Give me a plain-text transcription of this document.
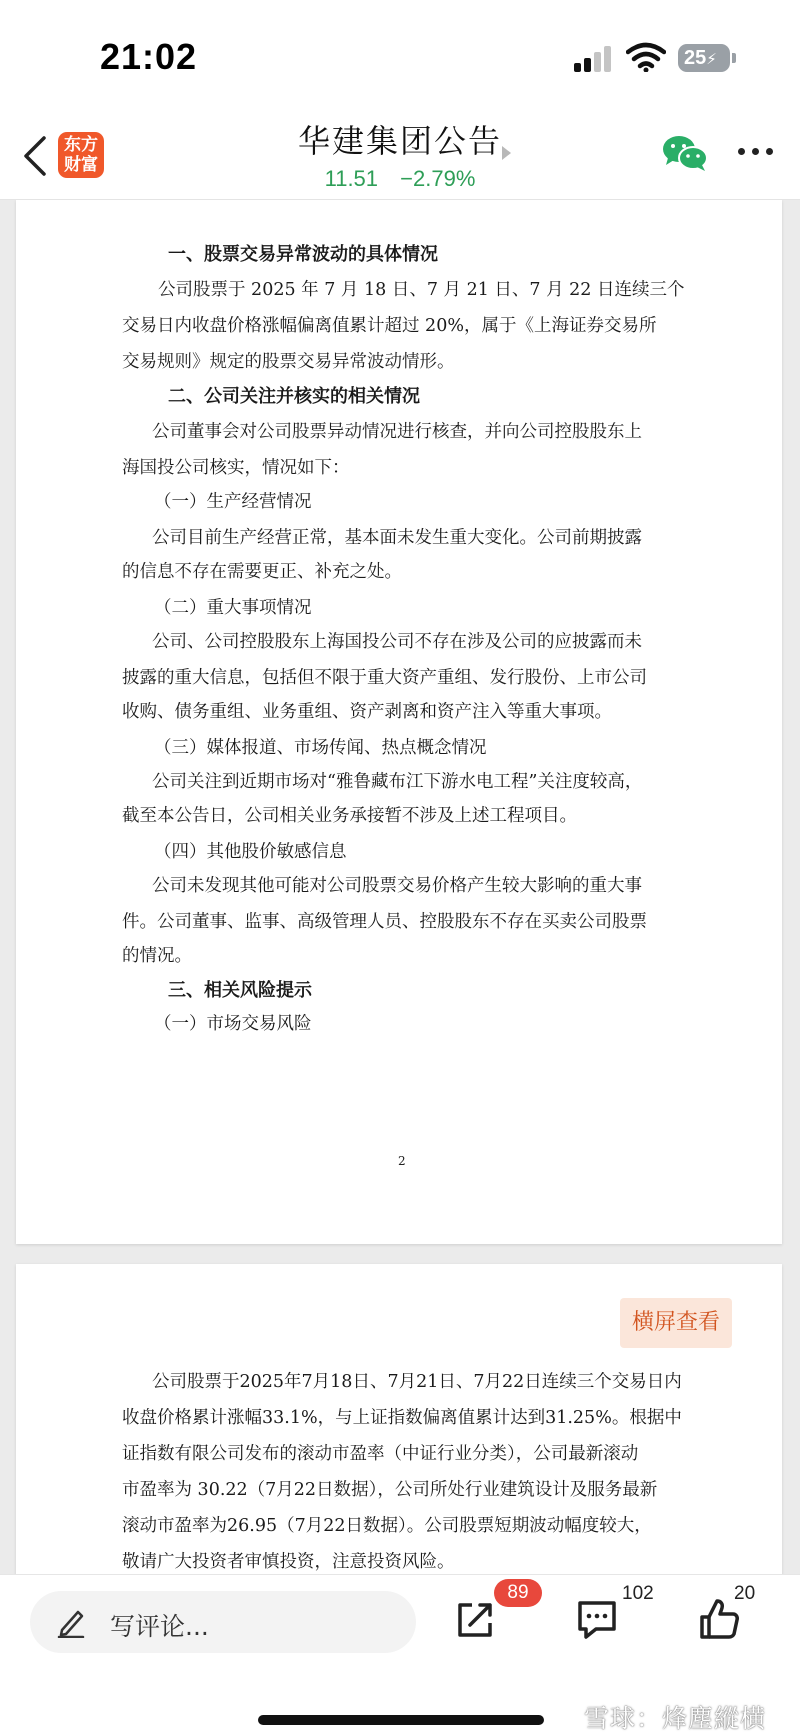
21:02	25⚡
东方
财富
华建集团公告
11.51 −2.79%
一、股票交易异常波动的具体情况
公司股票于 2025 年 7 月 18 日、7 月 21 日、7 月 22 日连续三个
交易日内收盘价格涨幅偏离值累计超过 20%，属于《上海证券交易所
交易规则》规定的股票交易异常波动情形。
二、公司关注并核实的相关情况
公司董事会对公司股票异动情况进行核查，并向公司控股股东上
海国投公司核实，情况如下：
（一）生产经营情况
公司目前生产经营正常，基本面未发生重大变化。公司前期披露
的信息不存在需要更正、补充之处。
（二）重大事项情况
公司、公司控股股东上海国投公司不存在涉及公司的应披露而未
披露的重大信息，包括但不限于重大资产重组、发行股份、上市公司
收购、债务重组、业务重组、资产剥离和资产注入等重大事项。
（三）媒体报道、市场传闻、热点概念情况
公司关注到近期市场对“雅鲁藏布江下游水电工程”关注度较高，
截至本公告日，公司相关业务承接暂不涉及上述工程项目。
（四）其他股价敏感信息
公司未发现其他可能对公司股票交易价格产生较大影响的重大事
件。公司董事、监事、高级管理人员、控股股东不存在买卖公司股票
的情况。
三、相关风险提示
（一）市场交易风险
2
公司股票于2025年7月18日、7月21日、7月22日连续三个交易日内
收盘价格累计涨幅33.1%，与上证指数偏离值累计达到31.25%。根据中
证指数有限公司发布的滚动市盈率（中证行业分类），公司最新滚动
市盈率为 30.22（7月22日数据），公司所处行业建筑设计及服务最新
滚动市盈率为26.95（7月22日数据）。公司股票短期波动幅度较大，
敬请广大投资者审慎投资，注意投资风险。
横屏查看
写评论...
89	102	20
雪球：烽塵縱横
